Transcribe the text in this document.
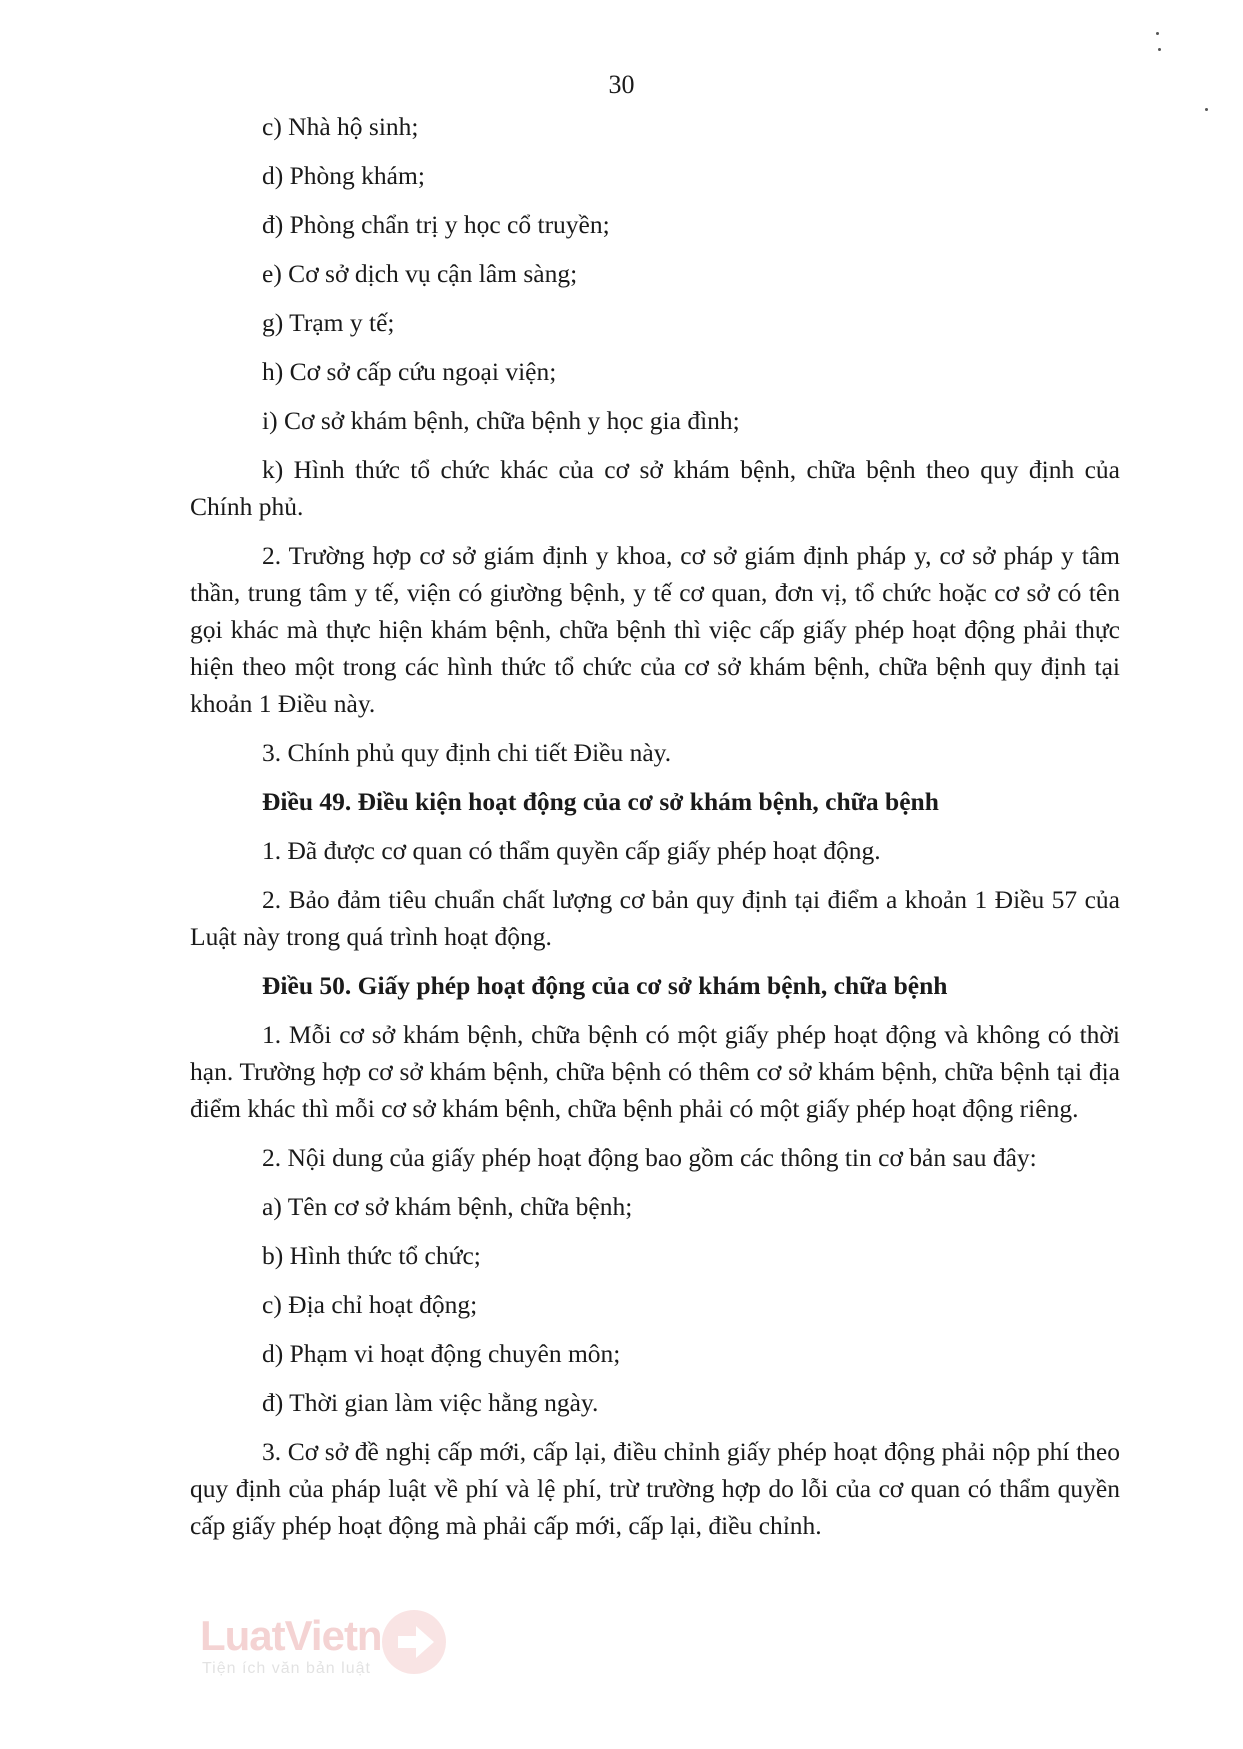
30

c) Nhà hộ sinh;

d) Phòng khám;

đ) Phòng chẩn trị y học cổ truyền;

e) Cơ sở dịch vụ cận lâm sàng;

g) Trạm y tế;

h) Cơ sở cấp cứu ngoại viện;

i) Cơ sở khám bệnh, chữa bệnh y học gia đình;

k) Hình thức tổ chức khác của cơ sở khám bệnh, chữa bệnh theo quy định của Chính phủ.

2. Trường hợp cơ sở giám định y khoa, cơ sở giám định pháp y, cơ sở pháp y tâm thần, trung tâm y tế, viện có giường bệnh, y tế cơ quan, đơn vị, tổ chức hoặc cơ sở có tên gọi khác mà thực hiện khám bệnh, chữa bệnh thì việc cấp giấy phép hoạt động phải thực hiện theo một trong các hình thức tổ chức của cơ sở khám bệnh, chữa bệnh quy định tại khoản 1 Điều này.

3. Chính phủ quy định chi tiết Điều này.

Điều 49. Điều kiện hoạt động của cơ sở khám bệnh, chữa bệnh

1. Đã được cơ quan có thẩm quyền cấp giấy phép hoạt động.

2. Bảo đảm tiêu chuẩn chất lượng cơ bản quy định tại điểm a khoản 1 Điều 57 của Luật này trong quá trình hoạt động.

Điều 50. Giấy phép hoạt động của cơ sở khám bệnh, chữa bệnh

1. Mỗi cơ sở khám bệnh, chữa bệnh có một giấy phép hoạt động và không có thời hạn. Trường hợp cơ sở khám bệnh, chữa bệnh có thêm cơ sở khám bệnh, chữa bệnh tại địa điểm khác thì mỗi cơ sở khám bệnh, chữa bệnh phải có một giấy phép hoạt động riêng.

2. Nội dung của giấy phép hoạt động bao gồm các thông tin cơ bản sau đây:

a) Tên cơ sở khám bệnh, chữa bệnh;

b) Hình thức tổ chức;

c) Địa chỉ hoạt động;

d) Phạm vi hoạt động chuyên môn;

đ) Thời gian làm việc hằng ngày.

3. Cơ sở đề nghị cấp mới, cấp lại, điều chỉnh giấy phép hoạt động phải nộp phí theo quy định của pháp luật về phí và lệ phí, trừ trường hợp do lỗi của cơ quan có thẩm quyền cấp giấy phép hoạt động mà phải cấp mới, cấp lại, điều chỉnh.

LuatVietnam
Tiện ích văn bản luật
